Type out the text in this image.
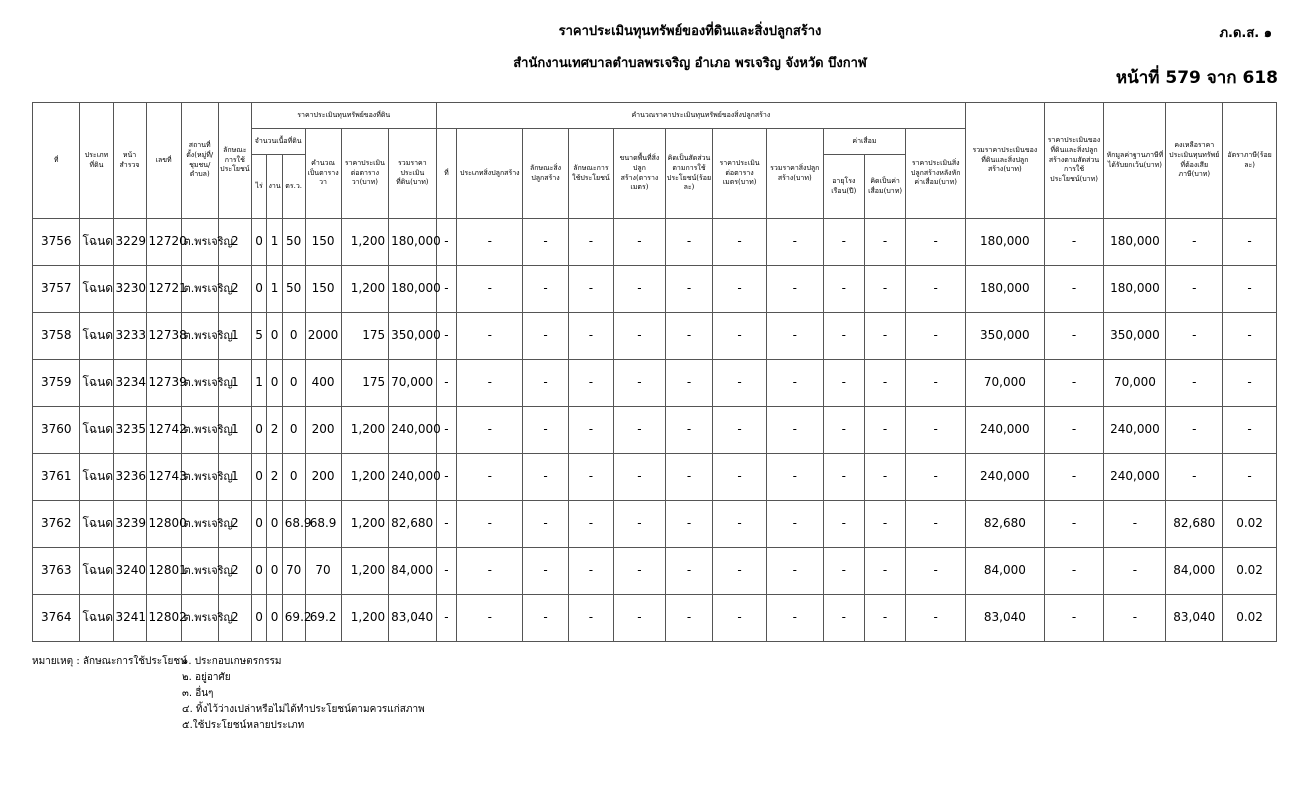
ราคาประเมินทุนทรัพย์ของที่ดินและสิ่งปลูกสร้าง
สำนักงานเทศบาลตำบลพรเจริญ อำเภอ พรเจริญ จังหวัด บึงกาฬ
ภ.ด.ส. ๑
หน้าที่ 579 จาก 618
ที่	ประเภทที่ดิน	หน้าสำรวจ	เลขที่	สถานที่ตั้ง(หมู่ที่/ชุมชน/ตำบล)	ลักษณะการใช้ประโยชน์	ราคาประเมินทุนทรัพย์ของที่ดิน						คำนวณราคาประเมินทุนทรัพย์ของสิ่งปลูกสร้าง											รวมราคาประเมินของที่ดินและสิ่งปลูกสร้าง(บาท)	ราคาประเมินของที่ดินและสิ่งปลูกสร้างตามสัดส่วนการใช้ประโยชน์(บาท)	หักมูลค่าฐานภาษีที่ได้รับยกเว้น(บาท)	คงเหลือราคาประเมินทุนทรัพย์ที่ต้องเสียภาษี(บาท)	อัตราภาษี(ร้อยละ)
						จำนวนเนื้อที่ดิน			คำนวณเป็นตารางวา	ราคาประเมินต่อตารางวา(บาท)	รวมราคาประเมินที่ดิน(บาท)	ที่	ประเภทสิ่งปลูกสร้าง	ลักษณะสิ่งปลูกสร้าง	ลักษณะการใช้ประโยชน์	ขนาดพื้นที่สิ่งปลูกสร้าง(ตารางเมตร)	คิดเป็นสัดส่วนตามการใช้ประโยชน์(ร้อยละ)	ราคาประเมินต่อตารางเมตร(บาท)	รวมราคาสิ่งปลูกสร้าง(บาท)	ค่าเสื่อม		ราคาประเมินสิ่งปลูกสร้างหลังหักค่าเสื่อม(บาท)					
						ไร่	งาน	ตร.ว.												อายุโรงเรือน(ปี)	คิดเป็นค่าเสื่อม(บาท)						
3756	โฉนด	3229	12720	ต.พรเจริญ	2	0	1	50	150	1,200	180,000	-	-	-	-	-	-	-	-	-	-	-	180,000	-	180,000	-	-
3757	โฉนด	3230	12721	ต.พรเจริญ	2	0	1	50	150	1,200	180,000	-	-	-	-	-	-	-	-	-	-	-	180,000	-	180,000	-	-
3758	โฉนด	3233	12738	ต.พรเจริญ	1	5	0	0	2000	175	350,000	-	-	-	-	-	-	-	-	-	-	-	350,000	-	350,000	-	-
3759	โฉนด	3234	12739	ต.พรเจริญ	1	1	0	0	400	175	70,000	-	-	-	-	-	-	-	-	-	-	-	70,000	-	70,000	-	-
3760	โฉนด	3235	12742	ต.พรเจริญ	1	0	2	0	200	1,200	240,000	-	-	-	-	-	-	-	-	-	-	-	240,000	-	240,000	-	-
3761	โฉนด	3236	12743	ต.พรเจริญ	1	0	2	0	200	1,200	240,000	-	-	-	-	-	-	-	-	-	-	-	240,000	-	240,000	-	-
3762	โฉนด	3239	12800	ต.พรเจริญ	2	0	0	68.9	68.9	1,200	82,680	-	-	-	-	-	-	-	-	-	-	-	82,680	-	-	82,680	0.02
3763	โฉนด	3240	12801	ต.พรเจริญ	2	0	0	70	70	1,200	84,000	-	-	-	-	-	-	-	-	-	-	-	84,000	-	-	84,000	0.02
3764	โฉนด	3241	12802	ต.พรเจริญ	2	0	0	69.2	69.2	1,200	83,040	-	-	-	-	-	-	-	-	-	-	-	83,040	-	-	83,040	0.02
หมายเหตุ : ลักษณะการใช้ประโยชน์
๑. ประกอบเกษตรกรรม
๒. อยู่อาศัย
๓. อื่นๆ
๔. ทิ้งไว้ว่างเปล่าหรือไม่ได้ทำประโยชน์ตามควรแก่สภาพ
๕.ใช้ประโยชน์หลายประเภท
